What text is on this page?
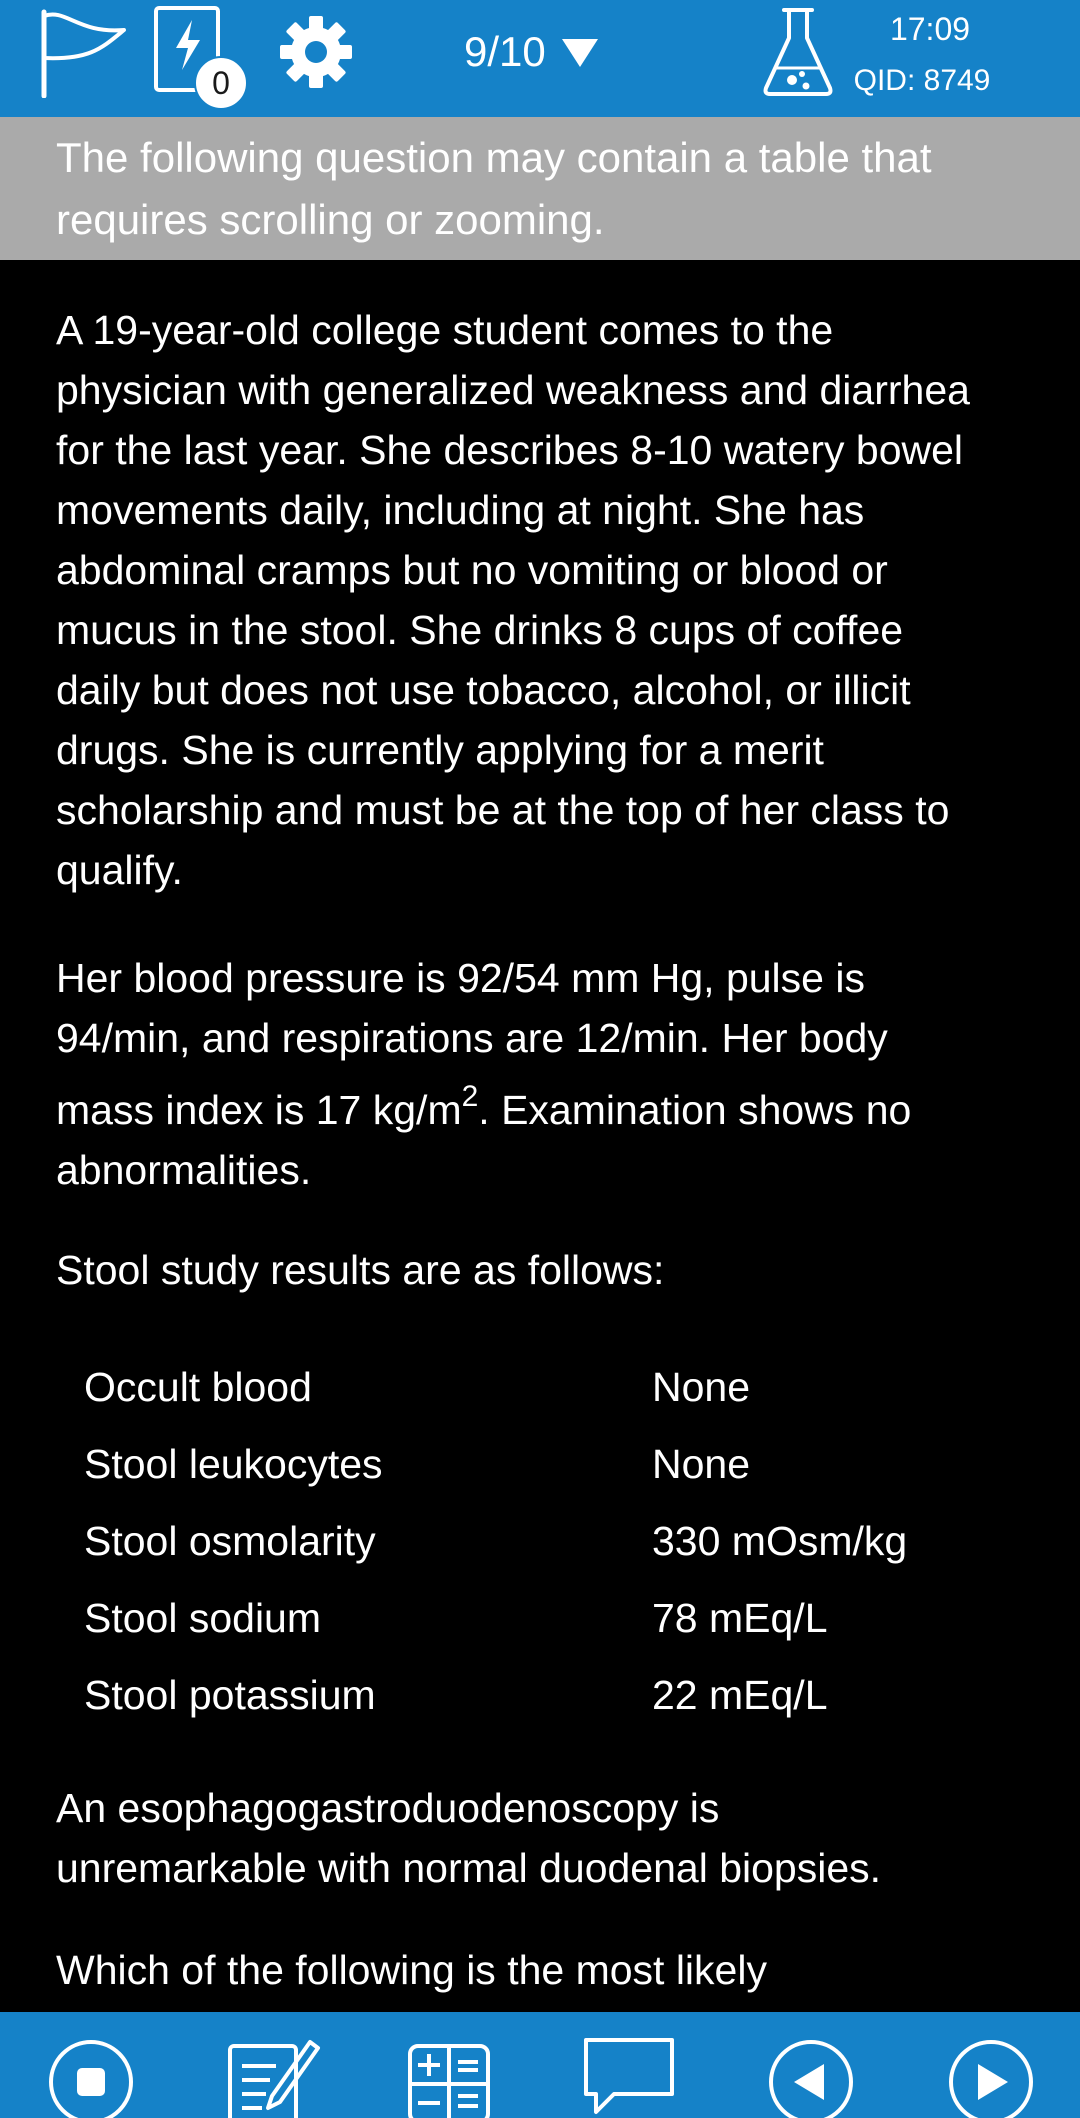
0
9/10	17:09
QID: 8749
The following question may contain a table that
requires scrolling or zooming.

A 19-year-old college student comes to the
physician with generalized weakness and diarrhea
for the last year. She describes 8-10 watery bowel
movements daily, including at night. She has
abdominal cramps but no vomiting or blood or
mucus in the stool. She drinks 8 cups of coffee
daily but does not use tobacco, alcohol, or illicit
drugs. She is currently applying for a merit
scholarship and must be at the top of her class to
qualify.

Her blood pressure is 92/54 mm Hg, pulse is
94/min, and respirations are 12/min. Her body
mass index is 17 $kg/m^2$. Examination shows no
abnormalities.

Stool study results are as follows:

Occult blood	None
Stool leukocytes	None
Stool osmolarity	330 mOsm/kg
Stool sodium	78 mEq/L
Stool potassium	22 mEq/L

An esophagogastroduodenoscopy is
unremarkable with normal duodenal biopsies.

Which of the following is the most likely
